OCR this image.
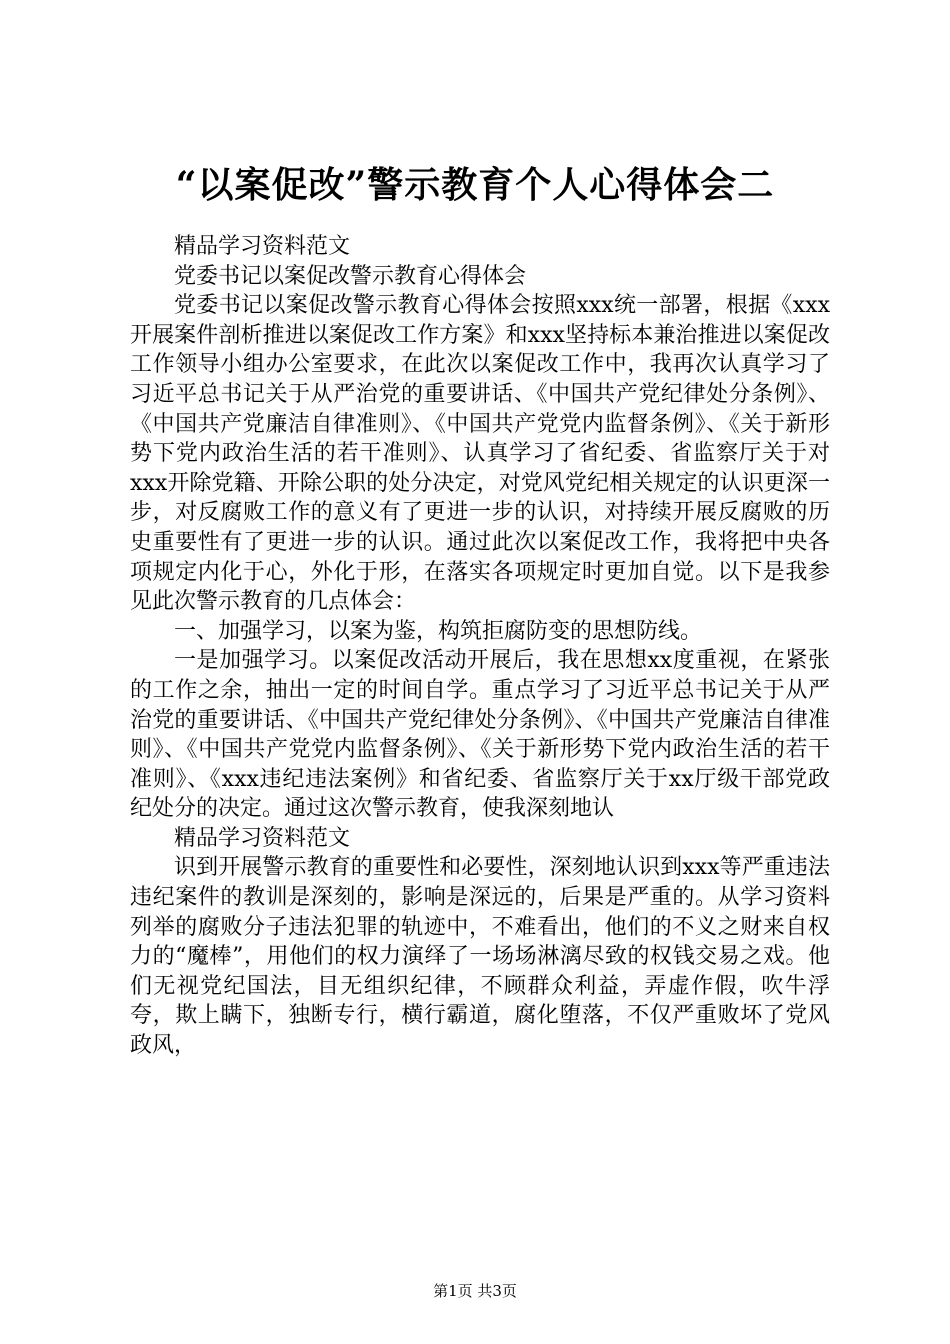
“以案促改”警示教育个人心得体会二

精品学习资料范文

党委书记以案促改警示教育心得体会

党委书记以案促改警示教育心得体会按照xxx统一部署，根据《xxx开展案件剖析推进以案促改工作方案》和xxx坚持标本兼治推进以案促改工作领导小组办公室要求，在此次以案促改工作中，我再次认真学习了习近平总书记关于从严治党的重要讲话、《中国共产党纪律处分条例》、《中国共产党廉洁自律准则》、《中国共产党党内监督条例》、《关于新形势下党内政治生活的若干准则》、认真学习了省纪委、省监察厅关于对xxx开除党籍、开除公职的处分决定，对党风党纪相关规定的认识更深一步，对反腐败工作的意义有了更进一步的认识，对持续开展反腐败的历史重要性有了更进一步的认识。通过此次以案促改工作，我将把中央各项规定内化于心，外化于形，在落实各项规定时更加自觉。以下是我参见此次警示教育的几点体会：

一、加强学习，以案为鉴，构筑拒腐防变的思想防线。

一是加强学习。以案促改活动开展后，我在思想xx度重视，在紧张的工作之余，抽出一定的时间自学。重点学习了习近平总书记关于从严治党的重要讲话、《中国共产党纪律处分条例》、《中国共产党廉洁自律准则》、《中国共产党党内监督条例》、《关于新形势下党内政治生活的若干准则》、《xxx违纪违法案例》和省纪委、省监察厅关于xx厅级干部党政纪处分的决定。通过这次警示教育，使我深刻地认

精品学习资料范文

识到开展警示教育的重要性和必要性，深刻地认识到xxx等严重违法违纪案件的教训是深刻的，影响是深远的，后果是严重的。从学习资料列举的腐败分子违法犯罪的轨迹中，不难看出，他们的不义之财来自权力的“魔棒”，用他们的权力演绎了一场场淋漓尽致的权钱交易之戏。他们无视党纪国法，目无组织纪律，不顾群众利益，弄虚作假，吹牛浮夸，欺上瞒下，独断专行，横行霸道，腐化堕落，不仅严重败坏了党风政风，

第1页 共3页
